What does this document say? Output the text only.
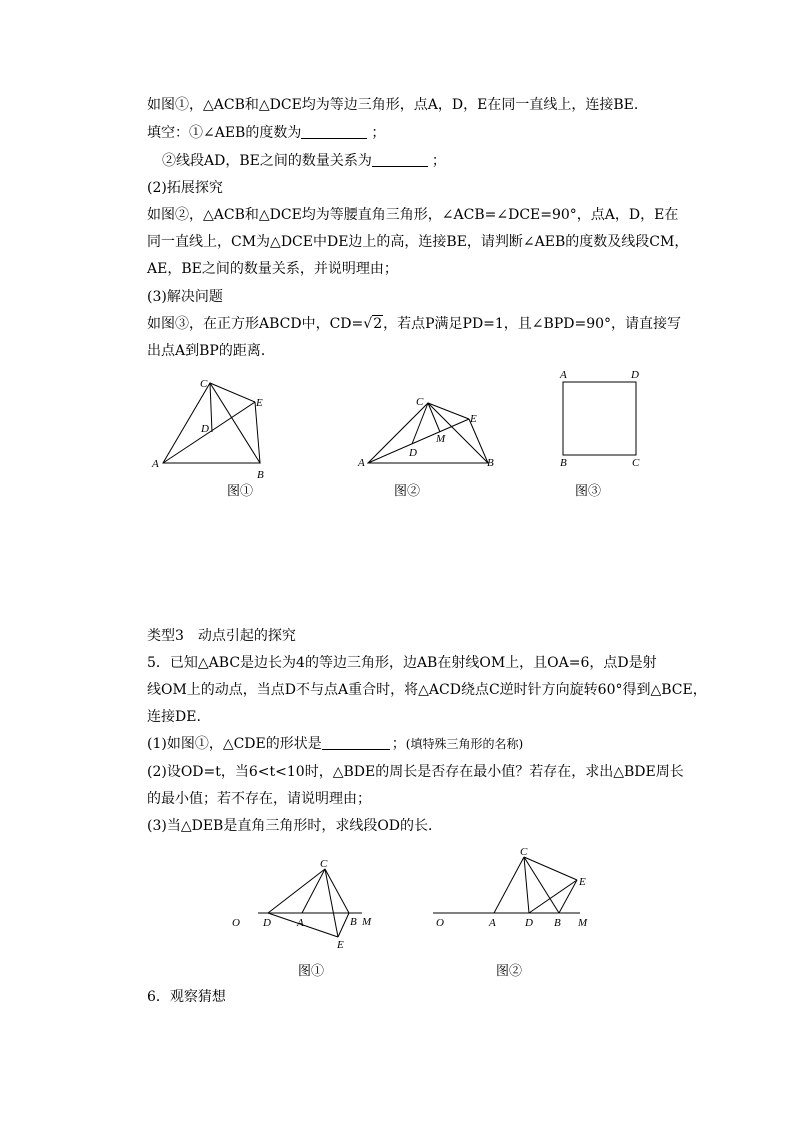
如图①，△ACB和△DCE均为等边三角形，点A，D，E在同一直线上，连接BE.
填空：①∠AEB的度数为	；
②线段AD，BE之间的数量关系为	；
(2)拓展探究
如图②，△ACB和△DCE均为等腰直角三角形，∠ACB=∠DCE=90°，点A，D，E在
同一直线上，CM为△DCE中DE边上的高，连接BE，请判断∠AEB的度数及线段CM，
AE，BE之间的数量关系，并说明理由；
(3)解决问题
如图③，在正方形ABCD中，CD=√2，若点P满足PD=1，且∠BPD=90°，请直接写
出点A到BP的距离．
A
B
C
D
E
A	B
C
D
E
M
A	D
B	C
图①	图②	图③
类型3　动点引起的探究
5．已知△ABC是边长为4的等边三角形，边AB在射线OM上，且OA=6，点D是射
线OM上的动点，当点D不与点A重合时，将△ACD绕点C逆时针方向旋转60°得到△BCE，
连接DE.
(1)如图①，△CDE的形状是	；(填特殊三角形的名称)
(2)设OD=t，当6<t<10时，△BDE的周长是否存在最小值？若存在，求出△BDE周长
的最小值；若不存在，请说明理由；
(3)当△DEB是直角三角形时，求线段OD的长．
O D A	B M
C
E
O	A	D B M
C
E
图①	图②
6．观察猜想
